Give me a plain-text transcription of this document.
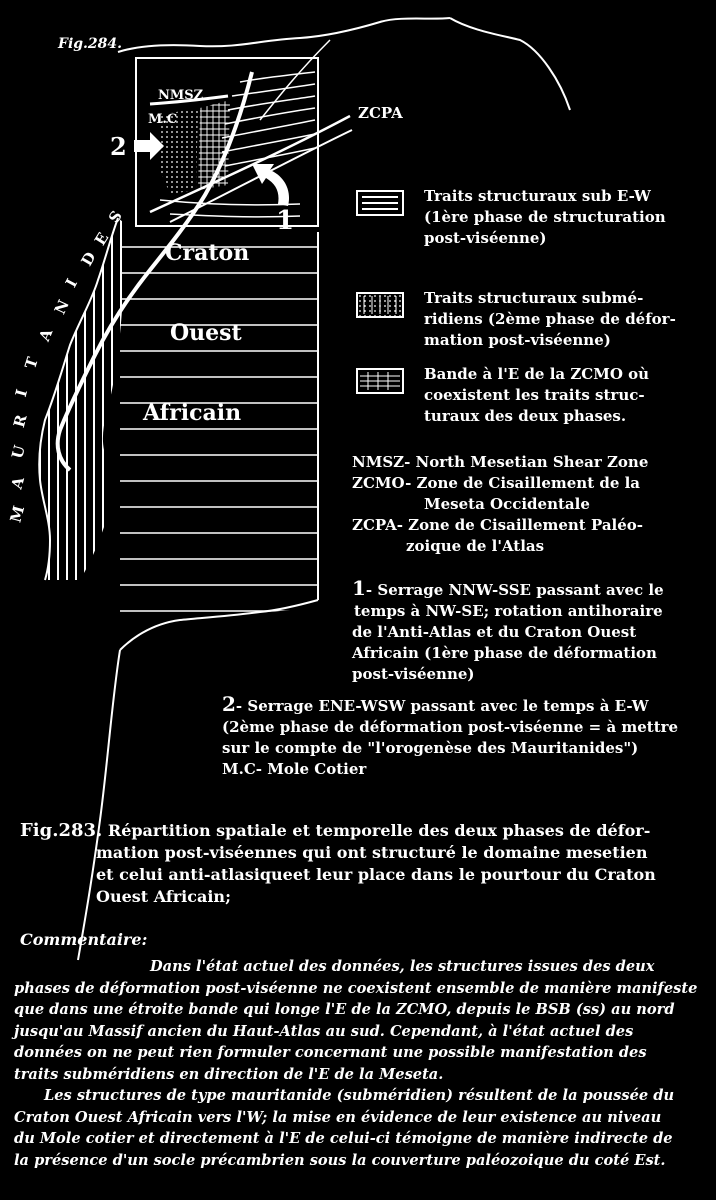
Fig.284.
NMSZ
M.C	ZCPA
2
1
Craton
Ouest
Africain
M
A
U
R
I
T
A
N
I
D
E
S
Traits structuraux sub E-W
(1ère phase de structuration
post-viséenne)
Traits structuraux submé-
ridiens (2ème phase de défor-
mation post-viséenne)
Bande à l'E de la ZCMO où
coexistent les traits struc-
turaux des deux phases.
NMSZ- North Mesetian Shear Zone
ZCMO- Zone de Cisaillement de la
Meseta Occidentale
ZCPA- Zone de Cisaillement Paléo-
zoique de l'Atlas
1- Serrage NNW-SSE passant avec le
temps à NW-SE; rotation antihoraire
de l'Anti-Atlas et du Craton Ouest
Africain (1ère phase de déformation
post-viséenne)
2- Serrage ENE-WSW passant avec le temps à E-W
(2ème phase de déformation post-viséenne = à mettre
sur le compte de "l'orogenèse des Mauritanides")
M.C- Mole Cotier
Fig.283. Répartition spatiale et temporelle des deux phases de défor-
mation post-viséennes qui ont structuré le domaine mesetien
et celui anti-atlasiqueet leur place dans le pourtour du Craton
Ouest Africain;
Commentaire:
Dans l'état actuel des données, les structures issues des deux
phases de déformation post-viséenne ne coexistent ensemble de manière manifeste
que dans une étroite bande qui longe l'E de la ZCMO, depuis le BSB (ss) au nord
jusqu'au Massif ancien du Haut-Atlas au sud. Cependant, à l'état actuel des
données on ne peut rien formuler concernant une possible manifestation des
traits subméridiens en direction de l'E de la Meseta.
Les structures de type mauritanide (subméridien) résultent de la poussée du
Craton Ouest Africain vers l'W; la mise en évidence de leur existence au niveau
du Mole cotier et directement à l'E de celui-ci témoigne de manière indirecte de
la présence d'un socle précambrien sous la couverture paléozoique du coté Est.
